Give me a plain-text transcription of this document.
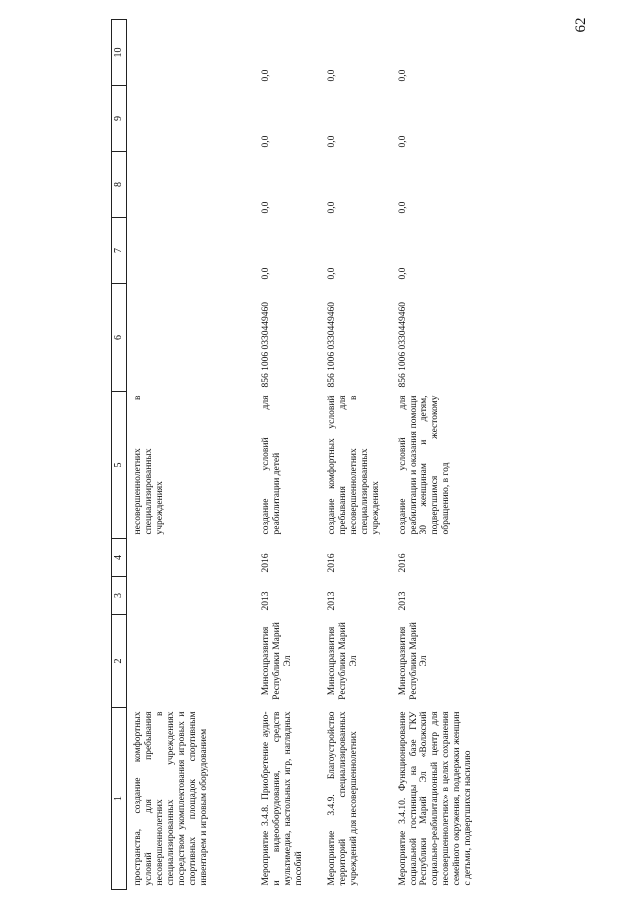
62
1	2	3	4	5	6	7	8	9	10
пространства, создание комфортных условий для пребывания несовершеннолетних в специализированных учреждениях посредством укомплектования игровых и спортивных площадок спортивным инвентарем и игровым оборудованием				несовершеннолетних в специализированных учреждениях					
Мероприятие 3.4.8. Приобретение аудио- и видеооборудования, средств мультимедиа, настольных игр, наглядных пособий	Минсоцразвития Республики Марий Эл	2013	2016	создание условий для реабилитации детей	856 1006 0330449460	0,0	0,0	0,0	0,0
Мероприятие 3.4.9. Благоустройство территорий специализированных учреждений для несовершеннолетних	Минсоцразвития Республики Марий Эл	2013	2016	создание комфортных условий пребывания для несовершеннолетних в специализированных учреждениях	856 1006 0330449460	0,0	0,0	0,0	0,0
Мероприятие 3.4.10. Функционирование социальной гостиницы на базе ГКУ Республики Марий Эл «Волжский социально-реабилитационный центр для несовершеннолетних» в целях сохранения семейного окружения, поддержки женщин с детьми, подвергшихся насилию	Минсоцразвития Республики Марий Эл	2013	2016	создание условий для реабилитации и оказания помощи 30 женщинам и детям, подвергшимся жестокому обращению, в год	856 1006 0330449460	0,0	0,0	0,0	0,0
